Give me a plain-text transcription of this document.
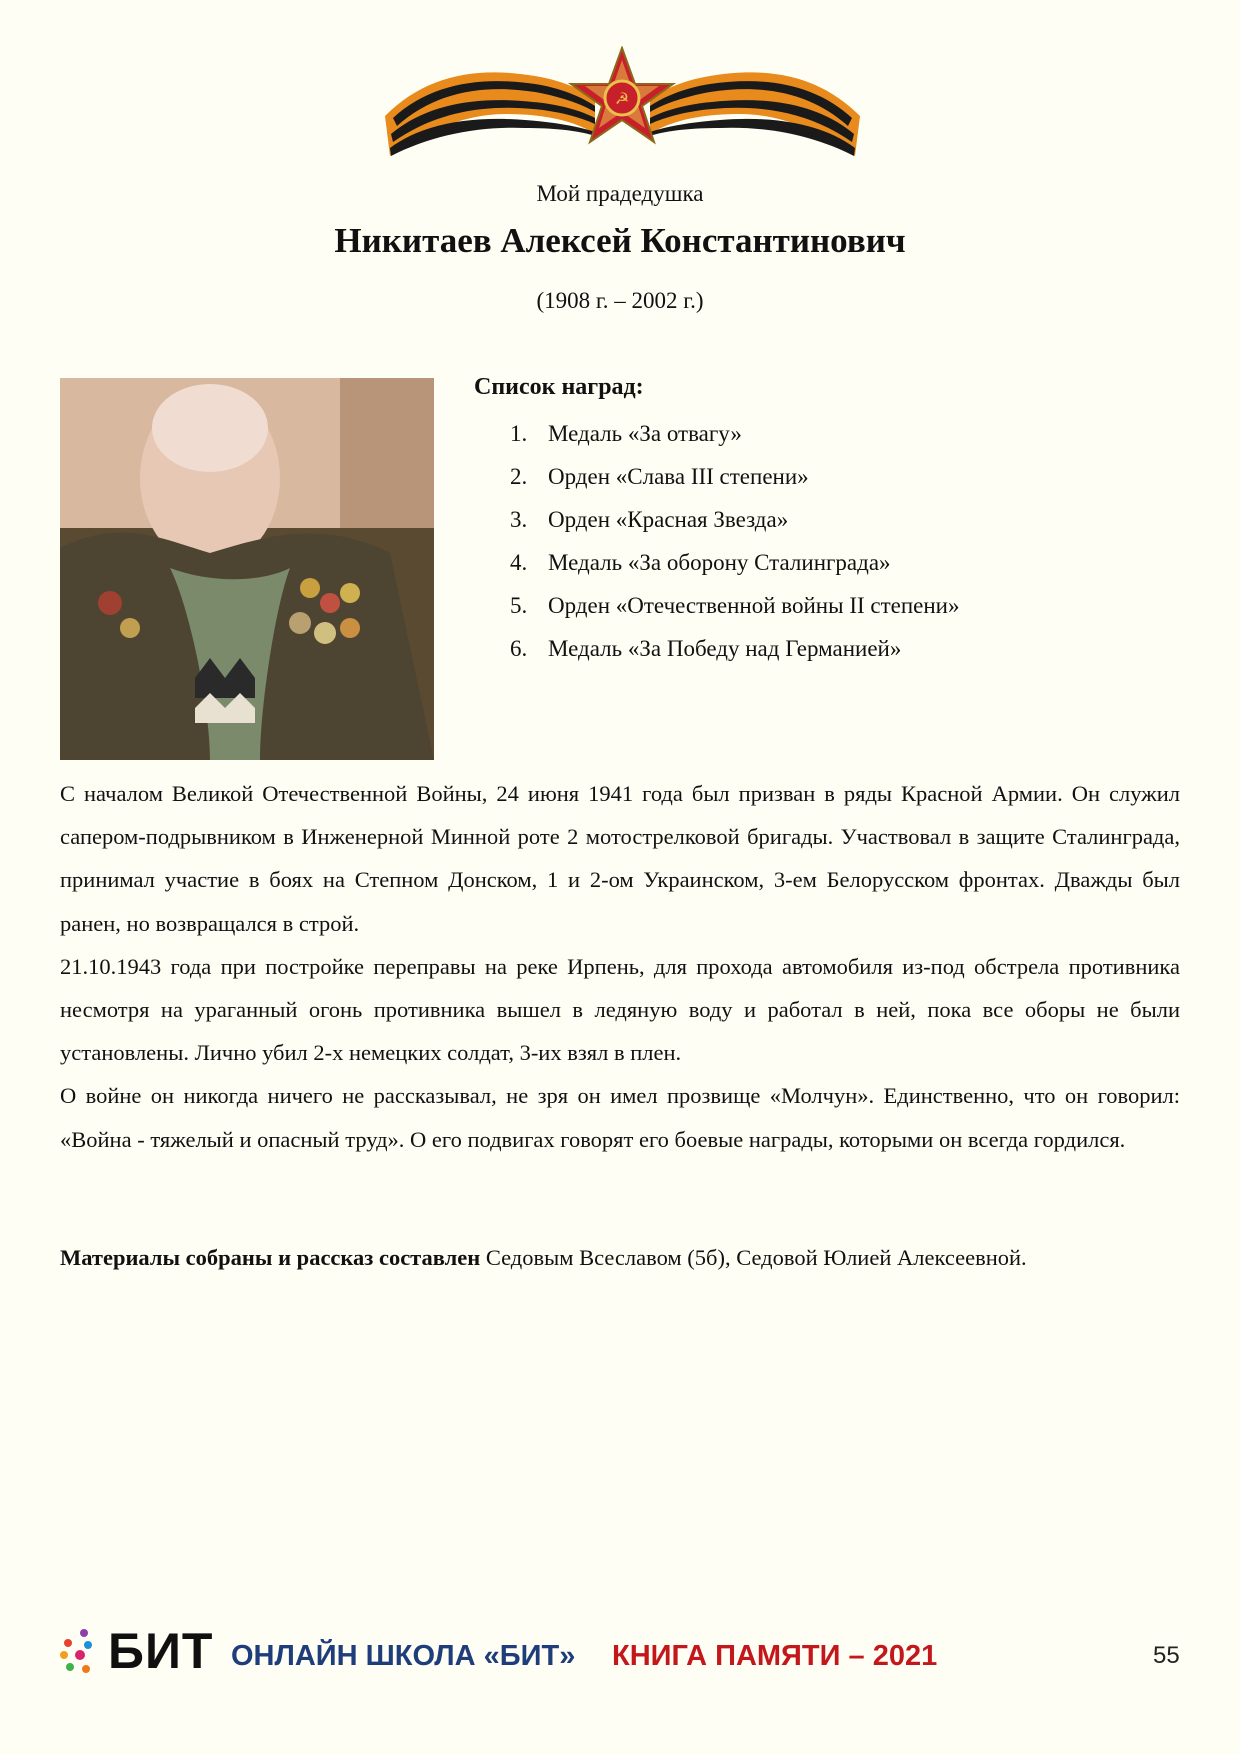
☭
Мой прадедушка
Никитаев Алексей Константинович
(1908 г. – 2002 г.)
Список наград:
1. Медаль «За отвагу»
2. Орден «Слава III степени»
3. Орден «Красная Звезда»
4. Медаль «За оборону Сталинграда»
5. Орден «Отечественной войны II степени»
6. Медаль «За Победу над Германией»

С началом Великой Отечественной Войны, 24 июня 1941 года был призван в ряды Красной Армии. Он служил сапером-подрывником в Инженерной Минной роте 2 мотострелковой бригады. Участвовал в защите Сталинграда, принимал участие в боях на Степном Донском, 1 и 2-ом Украинском, 3-ем Белорусском фронтах. Дважды был ранен, но возвращался в строй.

21.10.1943 года при постройке переправы на реке Ирпень, для прохода автомобиля из-под обстрела противника несмотря на ураганный огонь противника вышел в ледяную воду и работал в ней, пока все оборы не были установлены. Лично убил 2-х немецких солдат, 3-их взял в плен.

О войне он никогда ничего не рассказывал, не зря он имел прозвище «Молчун». Единственно, что он говорил: «Война - тяжелый и опасный труд». О его подвигах говорят его боевые награды, которыми он всегда гордился.

Материалы собраны и рассказ составлен Седовым Всеславом (5б), Седовой Юлией Алексеевной.
БИТ ОНЛАЙН ШКОЛА «БИТ» КНИГА ПАМЯТИ – 2021	55
